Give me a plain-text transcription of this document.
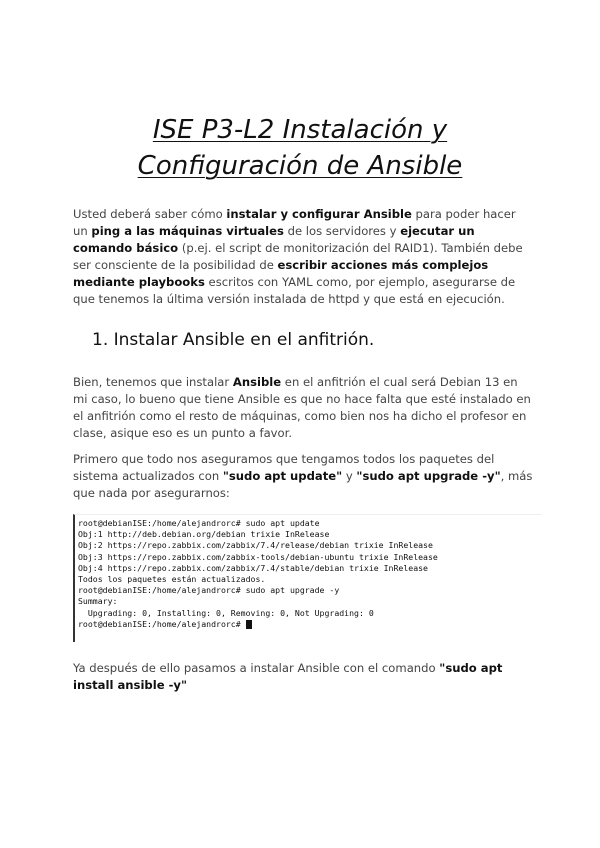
ISE P3-L2 Instalación y
Configuración de Ansible
Usted deberá saber cómo instalar y configurar Ansible para poder hacer un ping a las máquinas virtuales de los servidores y ejecutar un comando básico (p.ej. el script de monitorización del RAID1). También debe ser consciente de la posibilidad de escribir acciones más complejos mediante playbooks escritos con YAML como, por ejemplo, asegurarse de que tenemos la última versión instalada de httpd y que está en ejecución.
1. Instalar Ansible en el anfitrión.
Bien, tenemos que instalar Ansible en el anfitrión el cual será Debian 13 en mi caso, lo bueno que tiene Ansible es que no hace falta que esté instalado en el anfitrión como el resto de máquinas, como bien nos ha dicho el profesor en clase, asique eso es un punto a favor.
Primero que todo nos aseguramos que tengamos todos los paquetes del sistema actualizados con "sudo apt update" y "sudo apt upgrade -y", más que nada por asegurarnos:
root@debianISE:/home/alejandrorc# sudo apt update
Obj:1 http://deb.debian.org/debian trixie InRelease
Obj:2 https://repo.zabbix.com/zabbix/7.4/release/debian trixie InRelease
Obj:3 https://repo.zabbix.com/zabbix-tools/debian-ubuntu trixie InRelease
Obj:4 https://repo.zabbix.com/zabbix/7.4/stable/debian trixie InRelease
Todos los paquetes están actualizados.
root@debianISE:/home/alejandrorc# sudo apt upgrade -y
Summary:
Upgrading: 0, Installing: 0, Removing: 0, Not Upgrading: 0
root@debianISE:/home/alejandrorc#
Ya después de ello pasamos a instalar Ansible con el comando "sudo apt install ansible -y"
